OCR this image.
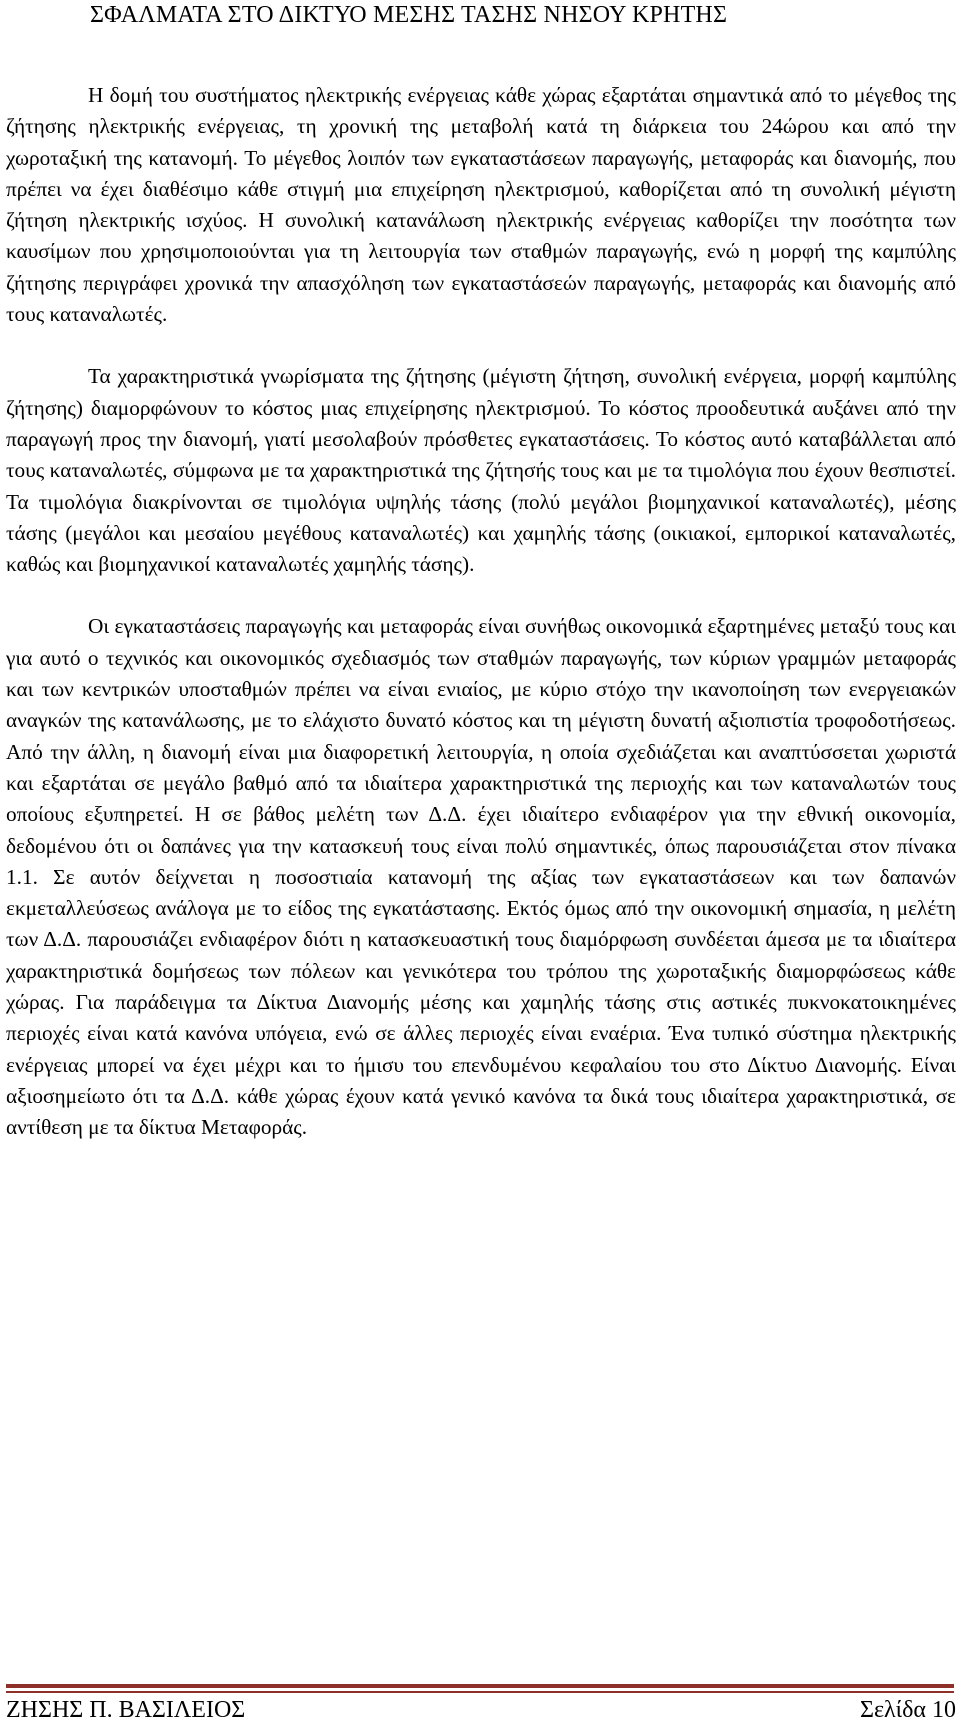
ΣΦΑΛΜΑΤΑ ΣΤΟ ΔΙΚΤΥΟ ΜΕΣΗΣ ΤΑΣΗΣ ΝΗΣΟΥ ΚΡΗΤΗΣ

Η δομή του συστήματος ηλεκτρικής ενέργειας κάθε χώρας εξαρτάται σημαντικά από το μέγεθος της ζήτησης ηλεκτρικής ενέργειας, τη χρονική της μεταβολή κατά τη διάρκεια του 24ώρου και από την χωροταξική της κατανομή. Το μέγεθος λοιπόν των εγκαταστάσεων παραγωγής, μεταφοράς και διανομής, που πρέπει να έχει διαθέσιμο κάθε στιγμή μια επιχείρηση ηλεκτρισμού, καθορίζεται από τη συνολική μέγιστη ζήτηση ηλεκτρικής ισχύος. Η συνολική κατανάλωση ηλεκτρικής ενέργειας καθορίζει την ποσότητα των καυσίμων που χρησιμοποιούνται για τη λειτουργία των σταθμών παραγωγής, ενώ η μορφή της καμπύλης ζήτησης περιγράφει χρονικά την απασχόληση των εγκαταστάσεών παραγωγής, μεταφοράς και διανομής από τους καταναλωτές.

Τα χαρακτηριστικά γνωρίσματα της ζήτησης (μέγιστη ζήτηση, συνολική ενέργεια, μορφή καμπύλης ζήτησης) διαμορφώνουν το κόστος μιας επιχείρησης ηλεκτρισμού. Το κόστος προοδευτικά αυξάνει από την παραγωγή προς την διανομή, γιατί μεσολαβούν πρόσθετες εγκαταστάσεις. Το κόστος αυτό καταβάλλεται από τους καταναλωτές, σύμφωνα με τα χαρακτηριστικά της ζήτησής τους και με τα τιμολόγια που έχουν θεσπιστεί. Τα τιμολόγια διακρίνονται σε τιμολόγια υψηλής τάσης (πολύ μεγάλοι βιομηχανικοί καταναλωτές), μέσης τάσης (μεγάλοι και μεσαίου μεγέθους καταναλωτές) και χαμηλής τάσης (οικιακοί, εμπορικοί καταναλωτές, καθώς και βιομηχανικοί καταναλωτές χαμηλής τάσης).

Οι εγκαταστάσεις παραγωγής και μεταφοράς είναι συνήθως οικονομικά εξαρτημένες μεταξύ τους και για αυτό ο τεχνικός και οικονομικός σχεδιασμός των σταθμών παραγωγής, των κύριων γραμμών μεταφοράς και των κεντρικών υποσταθμών πρέπει να είναι ενιαίος, με κύριο στόχο την ικανοποίηση των ενεργειακών αναγκών της κατανάλωσης, με το ελάχιστο δυνατό κόστος και τη μέγιστη δυνατή αξιοπιστία τροφοδοτήσεως. Από την άλλη, η διανομή είναι μια διαφορετική λειτουργία, η οποία σχεδιάζεται και αναπτύσσεται χωριστά και εξαρτάται σε μεγάλο βαθμό από τα ιδιαίτερα χαρακτηριστικά της περιοχής και των καταναλωτών τους οποίους εξυπηρετεί. Η σε βάθος μελέτη των Δ.Δ. έχει ιδιαίτερο ενδιαφέρον για την εθνική οικονομία, δεδομένου ότι οι δαπάνες για την κατασκευή τους είναι πολύ σημαντικές, όπως παρουσιάζεται στον πίνακα 1.1. Σε αυτόν δείχνεται η ποσοστιαία κατανομή της αξίας των εγκαταστάσεων και των δαπανών εκμεταλλεύσεως ανάλογα με το είδος της εγκατάστασης. Εκτός όμως από την οικονομική σημασία, η μελέτη των Δ.Δ. παρουσιάζει ενδιαφέρον διότι η κατασκευαστική τους διαμόρφωση συνδέεται άμεσα με τα ιδιαίτερα χαρακτηριστικά δομήσεως των πόλεων και γενικότερα του τρόπου της χωροταξικής διαμορφώσεως κάθε χώρας. Για παράδειγμα τα Δίκτυα Διανομής μέσης και χαμηλής τάσης στις αστικές πυκνοκατοικημένες περιοχές είναι κατά κανόνα υπόγεια, ενώ σε άλλες περιοχές είναι εναέρια. Ένα τυπικό σύστημα ηλεκτρικής ενέργειας μπορεί να έχει μέχρι και το ήμισυ του επενδυμένου κεφαλαίου του στο Δίκτυο Διανομής. Είναι αξιοσημείωτο ότι τα Δ.Δ. κάθε χώρας έχουν κατά γενικό κανόνα τα δικά τους ιδιαίτερα χαρακτηριστικά, σε αντίθεση με τα δίκτυα Μεταφοράς.

ΖΗΣΗΣ Π. ΒΑΣΙΛΕΙΟΣ	Σελίδα 10
